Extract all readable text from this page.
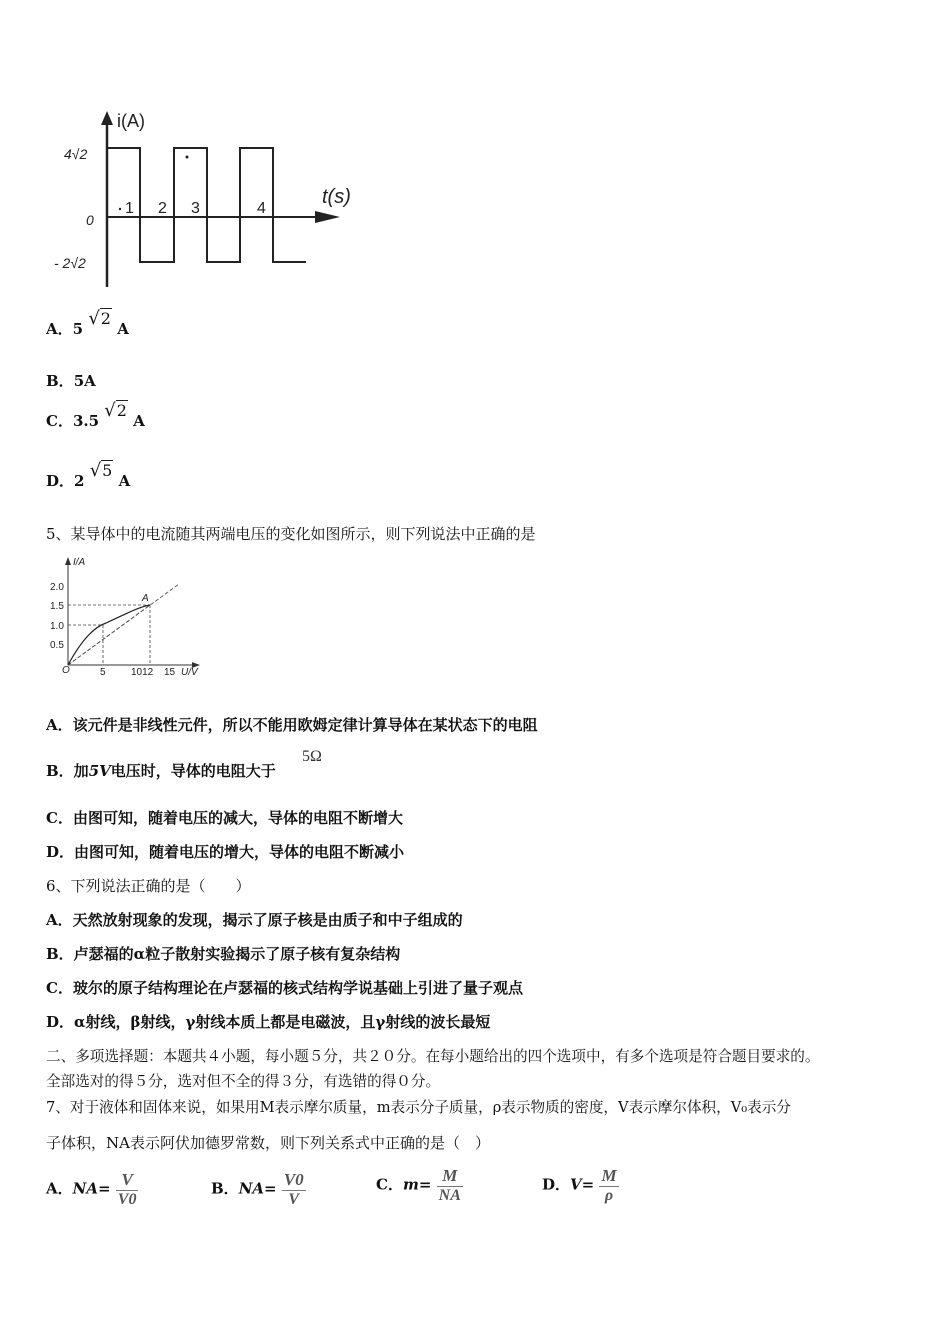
i(A)
t(s)
4√2
0
- 2√2
1 2 3	4
A．5 √2 A
B．5A
C．3.5 √2 A
D．2 √5 A
5、某导体中的电流随其两端电压的变化如图所示，则下列说法中正确的是
I/A
U/V
O
A
2.0
1.5
1.0
0.5
5	1012 15
A．该元件是非线性元件，所以不能用欧姆定律计算导体在某状态下的电阻
B．加5V电压时，导体的电阻大于
5Ω
C．由图可知，随着电压的减大，导体的电阻不断增大
D．由图可知，随着电压的增大，导体的电阻不断减小
6、下列说法正确的是（　　）
A．天然放射现象的发现，揭示了原子核是由质子和中子组成的
B．卢瑟福的α粒子散射实验揭示了原子核有复杂结构
C．玻尔的原子结构理论在卢瑟福的核式结构学说基础上引进了量子观点
D．α射线，β射线，γ射线本质上都是电磁波，且γ射线的波长最短
二、多项选择题：本题共４小题，每小题５分，共２０分。在每小题给出的四个选项中，有多个选项是符合题目要求的。
全部选对的得５分，选对但不全的得３分，有选错的得０分。
7、对于液体和固体来说，如果用M表示摩尔质量，m表示分子质量，ρ表示物质的密度，V表示摩尔体积，V₀表示分
子体积，NA表示阿伏加德罗常数，则下列关系式中正确的是（　）
A．$NA= \frac{V}{V0}$	B．$NA= \frac{V0}{V}$	C．$m= \frac{M}{NA}$	D．$V= \frac{M}{\rho}$
